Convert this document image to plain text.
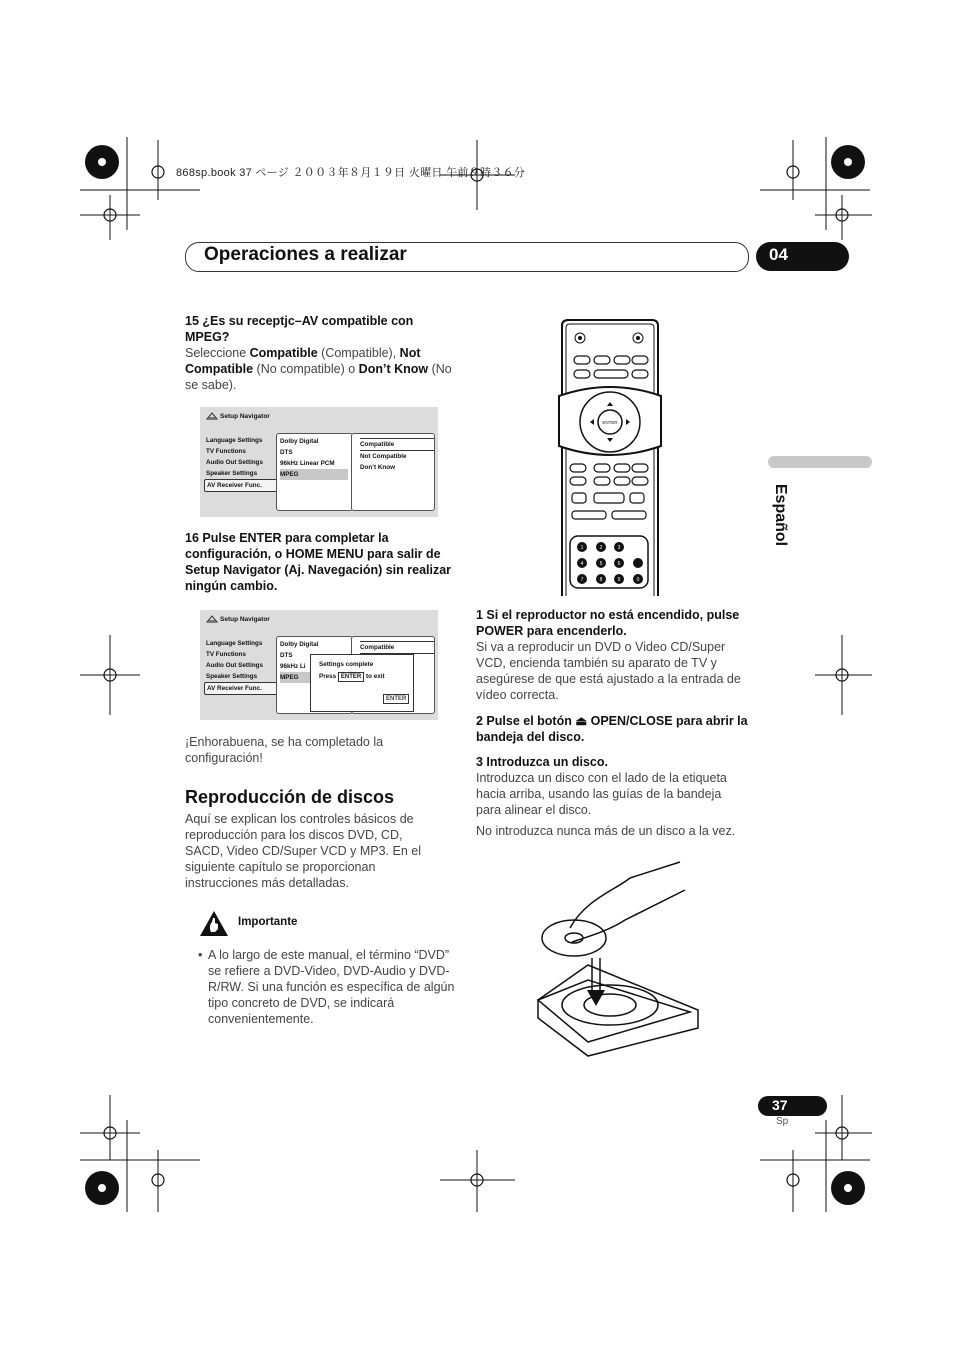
868sp.book 37 ページ ２００３年８月１９日 火曜日 午前９時３６分
Operaciones a realizar	04
Español
15 ¿Es su receptjc–AV compatible con MPEG?
Seleccione Compatible (Compatible), Not Compatible (No compatible) o Don’t Know (No se sabe).
Setup Navigator
Language Settings
TV Functions
Audio Out Settings
Speaker Settings
AV Receiver Func.
Dolby Digital
DTS
96kHz Linear PCM
MPEG
Compatible
Not Compatible
Don’t Know
16 Pulse ENTER para completar la configuración, o HOME MENU para salir de Setup Navigator (Aj. Navegación) sin realizar ningún cambio.
Setup Navigator
Language Settings
TV Functions
Audio Out Settings
Speaker Settings
AV Receiver Func.
Dolby Digital
DTS
96kHz Li
MPEG
Compatible
Settings complete
Press ENTER to exit
ENTER
¡Enhorabuena, se ha completado la configuración!
Reproducción de discos
Aquí se explican los controles básicos de reproducción para los discos DVD, CD, SACD, Video CD/Super VCD y MP3. En el siguiente capítulo se proporcionan instrucciones más detalladas.
Importante
• A lo largo de este manual, el término “DVD” se refiere a DVD-Video, DVD-Audio y DVD-R/RW. Si una función es específica de algún tipo concreto de DVD, se indicará convenientemente.
ENTER
1	2	3
4	5	6
7	8	9	0
1 Si el reproductor no está encendido, pulse POWER para encenderlo.
Si va a reproducir un DVD o Video CD/Super VCD, encienda también su aparato de TV y asegúrese de que está ajustado a la entrada de vídeo correcta.
2 Pulse el botón ⏏ OPEN/CLOSE para abrir la bandeja del disco.
3 Introduzca un disco.
Introduzca un disco con el lado de la etiqueta hacia arriba, usando las guías de la bandeja para alinear el disco.
No introduzca nunca más de un disco a la vez.
37
Sp
